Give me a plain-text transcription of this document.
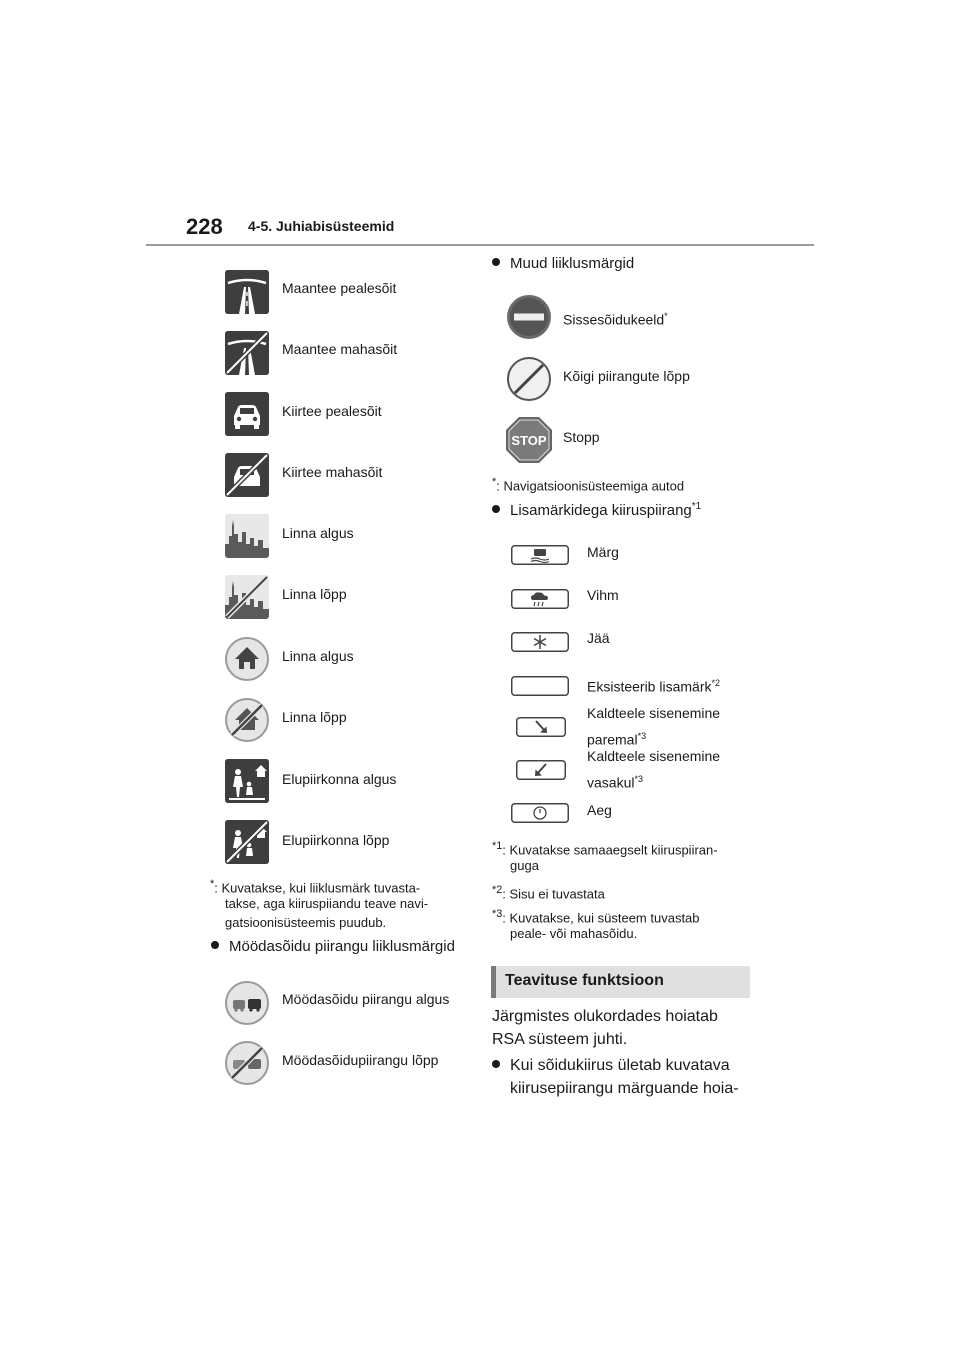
228 4-5. Juhiabisüsteemid
Maantee pealesõit
Maantee mahasõit
Kiirtee pealesõit
Kiirtee mahasõit
Linna algus
Linna lõpp
Linna algus
Linna lõpp
Elupiirkonna algus
Elupiirkonna lõpp
*: Kuvatakse, kui liiklusmärk tuvasta-
takse, aga kiiruspiiandu teave navi-
gatsioonisüsteemis puudub.
Möödasõidu piirangu liiklusmärgid
Möödasõidu piirangu algus
Möödasõidupiirangu lõpp
Muud liiklusmärgid
Sissesõidukeeld*
Kõigi piirangute lõpp
STOP Stopp
*: Navigatsioonisüsteemiga autod
Lisamärkidega kiiruspiirang$^{*1}$
Märg
Vihm
Jää
Eksisteerib lisamärk$^{*2}$
Kaldteele sisenemine
paremal$^{*3}$
Kaldteele sisenemine
vasakul$^{*3}$
Aeg
$^{*1}$: Kuvatakse samaaegselt kiiruspiiran-
guga
$^{*2}$: Sisu ei tuvastata
$^{*3}$: Kuvatakse, kui süsteem tuvastab
peale- või mahasõidu.
Teavituse funktsioon
Järgmistes olukordades hoiatab
RSA süsteem juhti.
Kui sõidukiirus ületab kuvatava
kiirusepiirangu märguande hoia-
